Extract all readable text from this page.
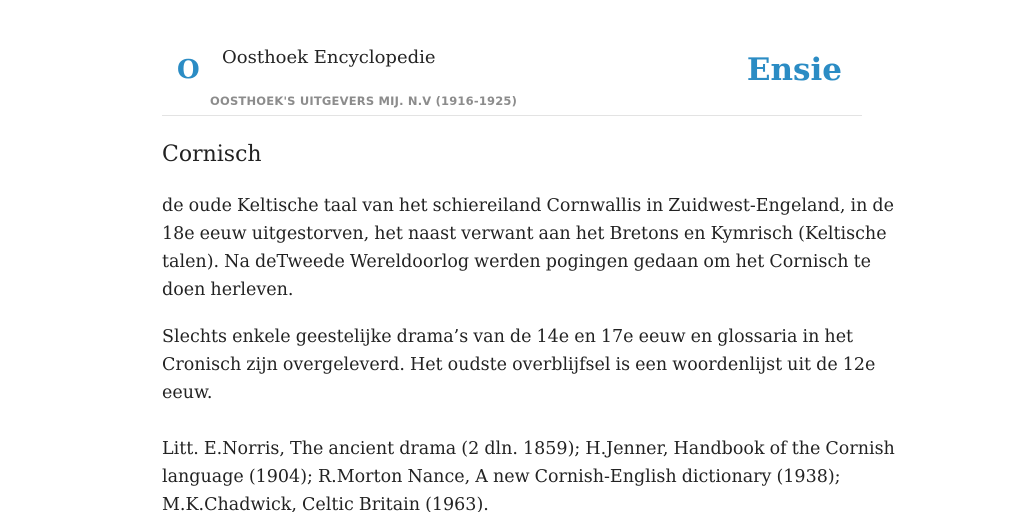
O Oosthoek Encyclopedie
OOSTHOEK'S UITGEVERS MIJ. N.V (1916-1925)
Ensie
Cornisch

de oude Keltische taal van het schiereiland Cornwallis in Zuidwest-Engeland, in de
18e eeuw uitgestorven, het naast verwant aan het Bretons en Kymrisch (Keltische
talen). Na deTweede Wereldoorlog werden pogingen gedaan om het Cornisch te
doen herleven.

Slechts enkele geestelijke drama’s van de 14e en 17e eeuw en glossaria in het
Cronisch zijn overgeleverd. Het oudste overblijfsel is een woordenlijst uit de 12e
eeuw.

Litt. E.Norris, The ancient drama (2 dln. 1859); H.Jenner, Handbook of the Cornish
language (1904); R.Morton Nance, A new Cornish-English dictionary (1938);
M.K.Chadwick, Celtic Britain (1963).
